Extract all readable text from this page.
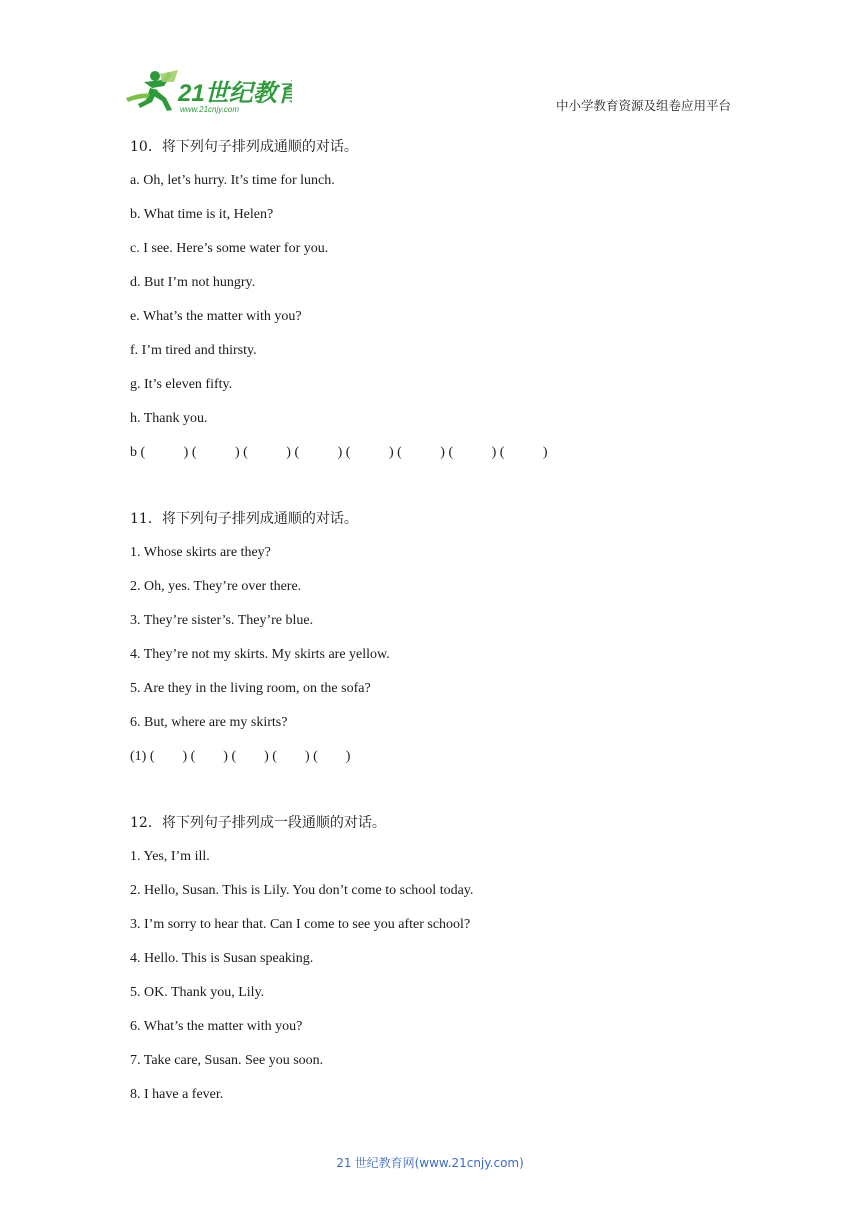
21世纪教育
www.21cnjy.com	中小学教育资源及组卷应用平台
10．将下列句子排列成通顺的对话。
a. Oh, let’s hurry. It’s time for lunch.
b. What time is it, Helen?
c. I see. Here’s some water for you.
d. But I’m not hungry.
e. What’s the matter with you?
f. I’m tired and thirsty.
g. It’s eleven fifty.
h. Thank you.
b (           ) (           ) (           ) (           ) (           ) (           ) (           ) (           )
11．将下列句子排列成通顺的对话。
1. Whose skirts are they?
2. Oh, yes. They’re over there.
3. They’re sister’s. They’re blue.
4. They’re not my skirts. My skirts are yellow.
5. Are they in the living room, on the sofa?
6. But, where are my skirts?
(1) (        ) (        ) (        ) (        ) (        )
12．将下列句子排列成一段通顺的对话。
1. Yes, I’m ill.
2. Hello, Susan. This is Lily. You don’t come to school today.
3. I’m sorry to hear that. Can I come to see you after school?
4. Hello. This is Susan speaking.
5. OK. Thank you, Lily.
6. What’s the matter with you?
7. Take care, Susan. See you soon.
8. I have a fever.
21 世纪教育网(www.21cnjy.com)
